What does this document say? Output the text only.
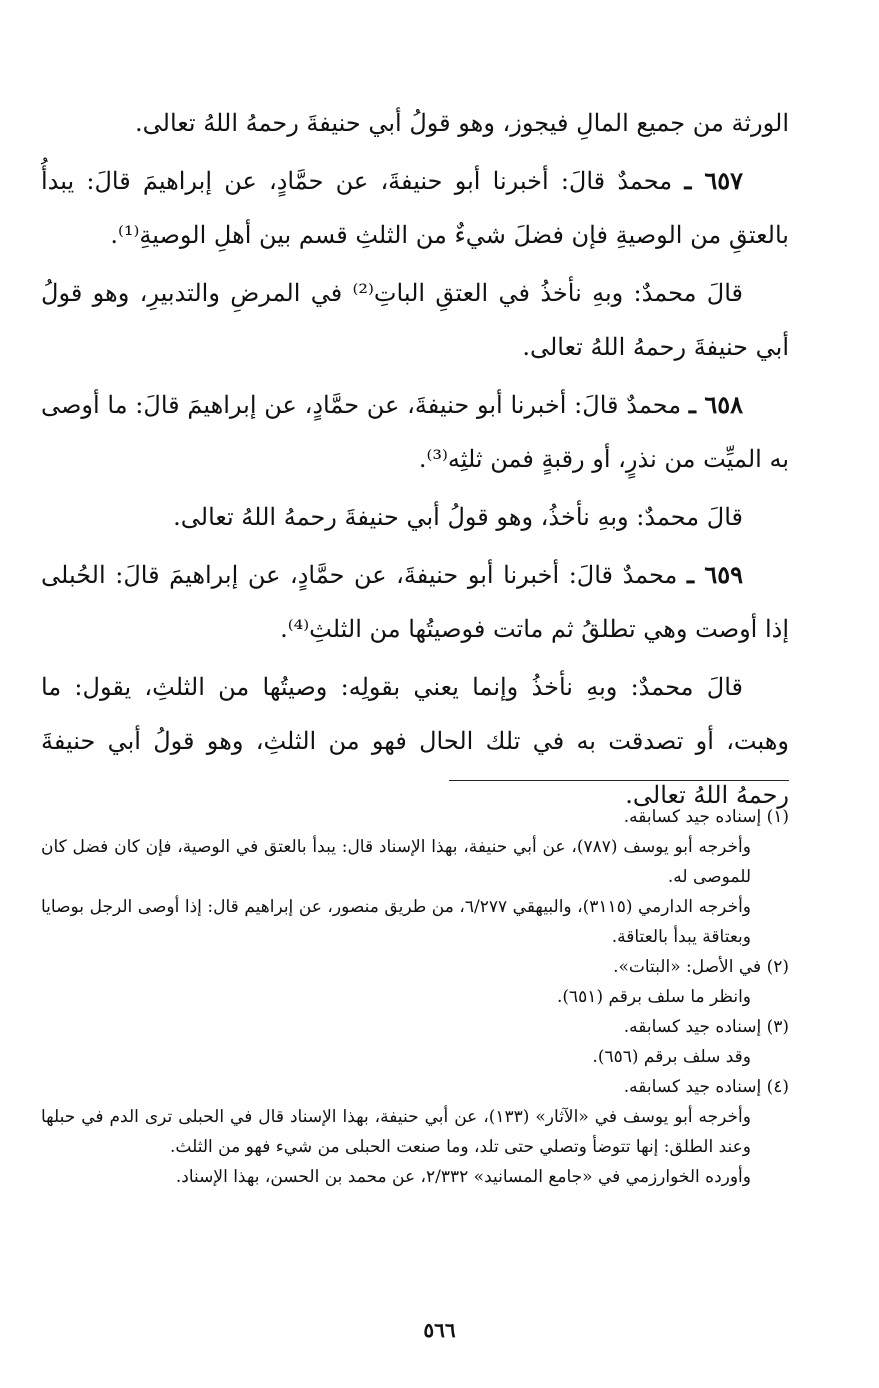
الورثة من جميع المالِ فيجوز، وهو قولُ أبي حنيفةَ رحمهُ اللهُ تعالى.

٦٥٧ ـ محمدٌ قالَ: أخبرنا أبو حنيفةَ، عن حمَّادٍ، عن إبراهيمَ قالَ: يبدأُ بالعتقِ من الوصيةِ فإن فضلَ شيءٌ من الثلثِ قسم بين أهلِ الوصيةِ⁽¹⁾.

قالَ محمدٌ: وبهِ نأخذُ في العتقِ الباتِ⁽²⁾ في المرضِ والتدبيرِ، وهو قولُ أبي حنيفةَ رحمهُ اللهُ تعالى.

٦٥٨ ـ محمدٌ قالَ: أخبرنا أبو حنيفةَ، عن حمَّادٍ، عن إبراهيمَ قالَ: ما أوصى به الميِّت من نذرٍ، أو رقبةٍ فمن ثلثِه⁽³⁾.

قالَ محمدٌ: وبهِ نأخذُ، وهو قولُ أبي حنيفةَ رحمهُ اللهُ تعالى.

٦٥٩ ـ محمدٌ قالَ: أخبرنا أبو حنيفةَ، عن حمَّادٍ، عن إبراهيمَ قالَ: الحُبلى إذا أوصت وهي تطلقُ ثم ماتت فوصيتُها من الثلثِ⁽⁴⁾.

قالَ محمدٌ: وبهِ نأخذُ وإنما يعني بقولِه: وصيتُها من الثلثِ، يقول: ما وهبت، أو تصدقت به في تلك الحال فهو من الثلثِ، وهو قولُ أبي حنيفةَ رحمهُ اللهُ تعالى.

(١) إسناده جيد كسابقه.

وأخرجه أبو يوسف (٧٨٧)، عن أبي حنيفة، بهذا الإسناد قال: يبدأ بالعتق في الوصية، فإن كان فضل كان للموصى له.

وأخرجه الدارمي (٣١١٥)، والبيهقي ٦/٢٧٧، من طريق منصور، عن إبراهيم قال: إذا أوصى الرجل بوصايا وبعتاقة يبدأ بالعتاقة.

(٢) في الأصل: «البتات».

وانظر ما سلف برقم (٦٥١).

(٣) إسناده جيد كسابقه.

وقد سلف برقم (٦٥٦).

(٤) إسناده جيد كسابقه.

وأخرجه أبو يوسف في «الآثار» (١٣٣)، عن أبي حنيفة، بهذا الإسناد قال في الحبلى ترى الدم في حبلها وعند الطلق: إنها تتوضأ وتصلي حتى تلد، وما صنعت الحبلى من شيء فهو من الثلث.

وأورده الخوارزمي في «جامع المسانيد» ٢/٣٣٢، عن محمد بن الحسن، بهذا الإسناد.

٥٦٦
